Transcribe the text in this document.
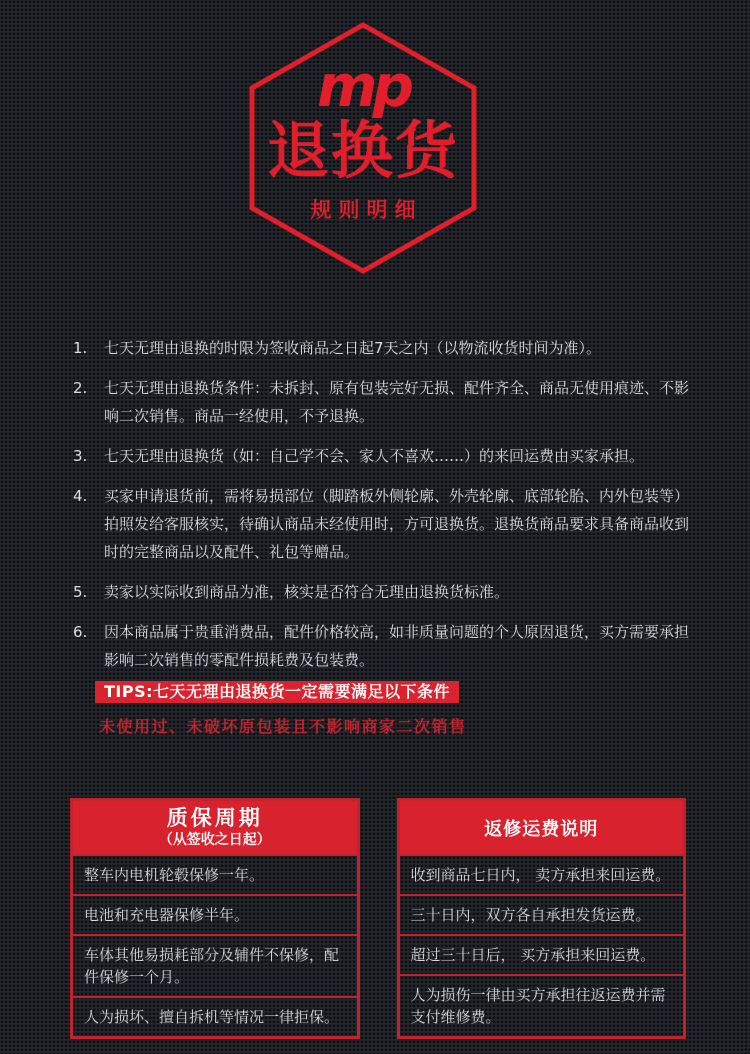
mp
退换货
规则明细
1.	七天无理由退换的时限为签收商品之日起7天之内（以物流收货时间为准）。
2.	七天无理由退换货条件：未拆封、原有包装完好无损、配件齐全、商品无使用痕迹、不影响二次销售。商品一经使用，不予退换。
3.	七天无理由退换货（如：自己学不会、家人不喜欢……）的来回运费由买家承担。
4.	买家申请退货前，需将易损部位（脚踏板外侧轮廓、外壳轮廓、底部轮胎、内外包装等）拍照发给客服核实，待确认商品未经使用时，方可退换货。退换货商品要求具备商品收到时的完整商品以及配件、礼包等赠品。
5.	卖家以实际收到商品为准，核实是否符合无理由退换货标准。
6.	因本商品属于贵重消费品，配件价格较高，如非质量问题的个人原因退货，买方需要承担影响二次销售的零配件损耗费及包装费。
TIPS:七天无理由退换货一定需要满足以下条件
未使用过、未破坏原包装且不影响商家二次销售
质保周期
（从签收之日起）
整车内电机轮毂保修一年。
电池和充电器保修半年。
车体其他易损耗部分及辅件不保修，配件保修一个月。
人为损坏、擅自拆机等情况一律拒保。
返修运费说明
收到商品七日内， 卖方承担来回运费。
三十日内，双方各自承担发货运费。
超过三十日后， 买方承担来回运费。
人为损伤一律由买方承担往返运费并需支付维修费。
